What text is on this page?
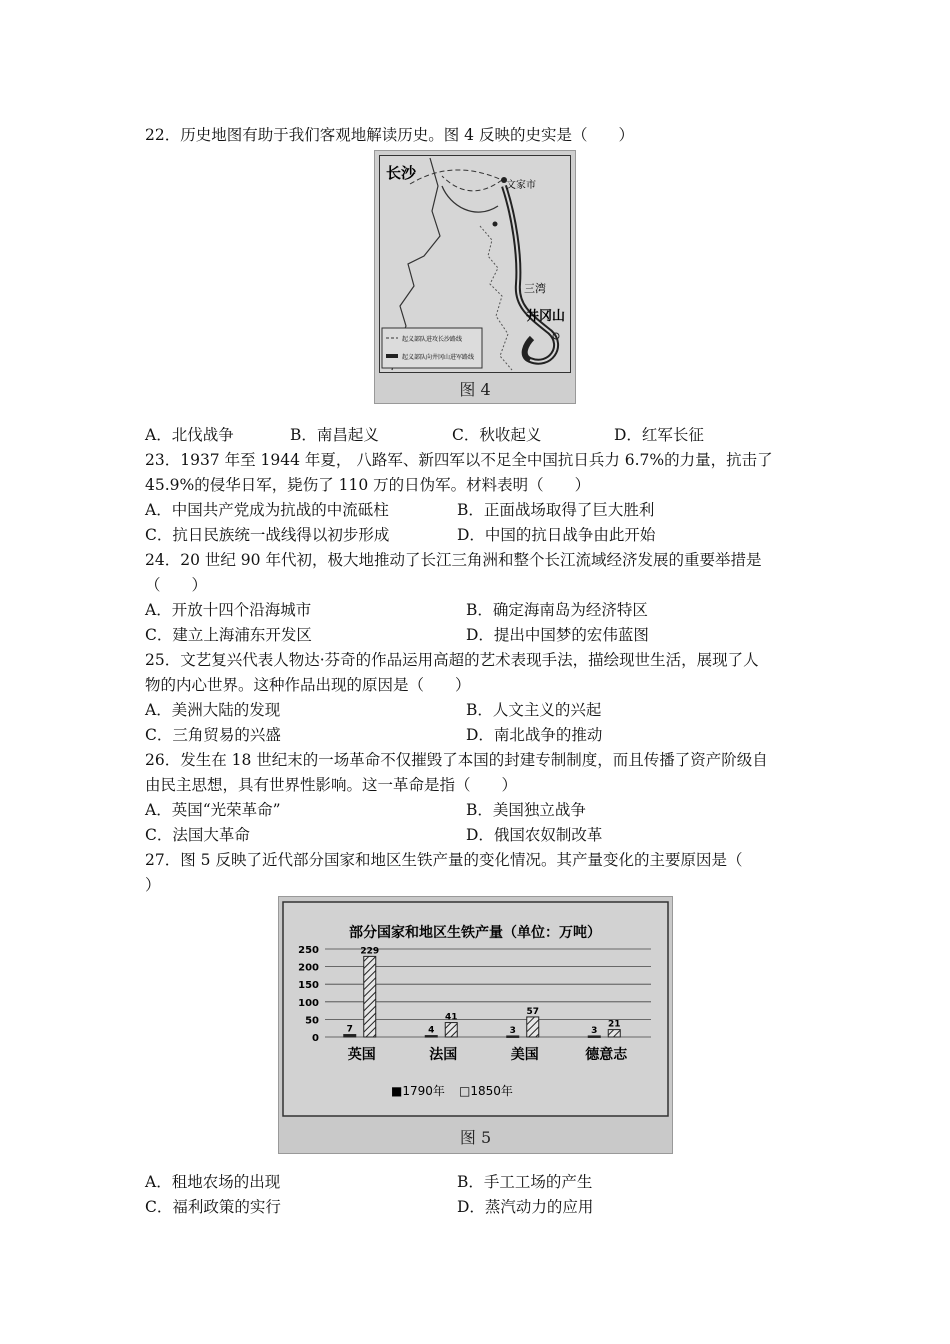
22．历史地图有助于我们客观地解读历史。图 4 反映的史实是（　　）
长沙
文家市
三湾
井冈山
起义部队进攻长沙路线
起义部队向井冈山进军路线
图 4
A．北伐战争	B．南昌起义	C．秋收起义	D．红军长征
23．1937 年至 1944 年夏， 八路军、新四军以不足全中国抗日兵力 6.7%的力量，抗击了
45.9%的侵华日军，毙伤了 110 万的日伪军。材料表明（　　）
A．中国共产党成为抗战的中流砥柱	B．正面战场取得了巨大胜利
C．抗日民族统一战线得以初步形成	D．中国的抗日战争由此开始
24．20 世纪 90 年代初，极大地推动了长江三角洲和整个长江流域经济发展的重要举措是
（　　）
A．开放十四个沿海城市	B．确定海南岛为经济特区
C．建立上海浦东开发区	D．提出中国梦的宏伟蓝图
25．文艺复兴代表人物达·芬奇的作品运用高超的艺术表现手法，描绘现世生活，展现了人
物的内心世界。这种作品出现的原因是（　　）
A．美洲大陆的发现	B．人文主义的兴起
C．三角贸易的兴盛	D．南北战争的推动
26．发生在 18 世纪末的一场革命不仅摧毁了本国的封建专制制度，而且传播了资产阶级自
由民主思想，具有世界性影响。这一革命是指（　　）
A．英国“光荣革命”	B．美国独立战争
C．法国大革命	D．俄国农奴制改革
27．图 5 反映了近代部分国家和地区生铁产量的变化情况。其产量变化的主要原因是（
）
部分国家和地区生铁产量（单位：万吨）
250
200
150
100
50
0
7
229
英国
4
41
法国
3
57
美国
3
21
德意志
■1790年 □1850年
图 5
A．租地农场的出现	B．手工工场的产生
C．福利政策的实行	D．蒸汽动力的应用
